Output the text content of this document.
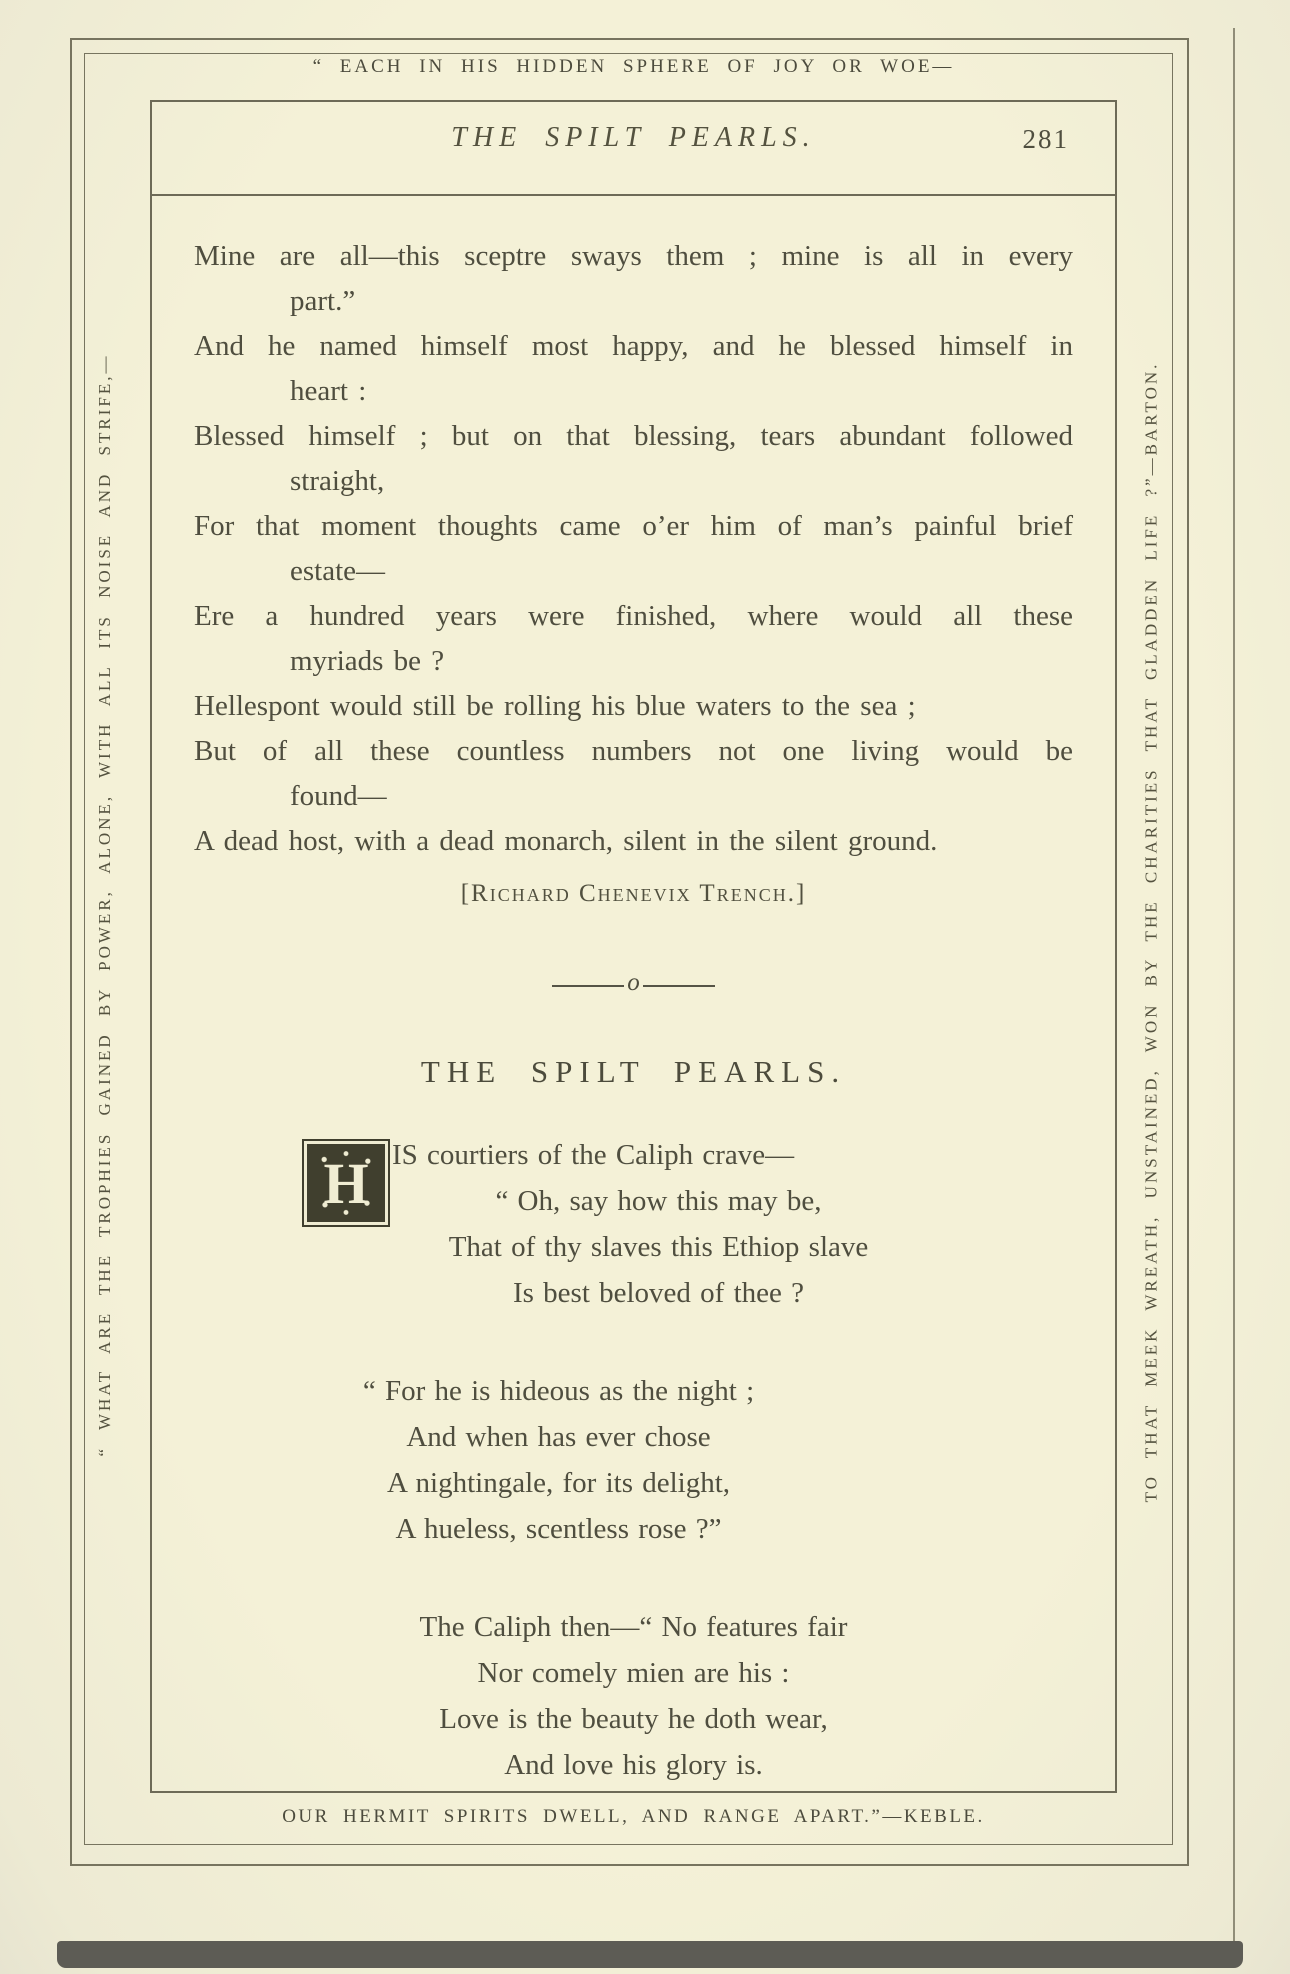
“ EACH IN HIS HIDDEN SPHERE OF JOY OR WOE—
THE SPILT PEARLS.	281
Mine are all—this sceptre sways them ; mine is all in every
part.”
And he named himself most happy, and he blessed himself in
heart :
Blessed himself ; but on that blessing, tears abundant followed
straight,
For that moment thoughts came o’er him of man’s painful brief
estate—
Ere a hundred years were finished, where would all these
myriads be ?
Hellespont would still be rolling his blue waters to the sea ;
But of all these countless numbers not one living would be
found—
A dead host, with a dead monarch, silent in the silent ground.
[Richard Chenevix Trench.]
o
THE SPILT PEARLS.
H IS courtiers of the Caliph crave—
“ Oh, say how this may be,
That of thy slaves this Ethiop slave
Is best beloved of thee ?
“ For he is hideous as the night ;
And when has ever chose
A nightingale, for its delight,
A hueless, scentless rose ?”
The Caliph then—“ No features fair
Nor comely mien are his :
Love is the beauty he doth wear,
And love his glory is.
OUR HERMIT SPIRITS DWELL, AND RANGE APART.”—KEBLE.
“ WHAT ARE THE TROPHIES GAINED BY POWER, ALONE, WITH ALL ITS NOISE AND STRIFE,—	TO THAT MEEK WREATH, UNSTAINED, WON BY THE CHARITIES THAT GLADDEN LIFE ?”—BARTON.
